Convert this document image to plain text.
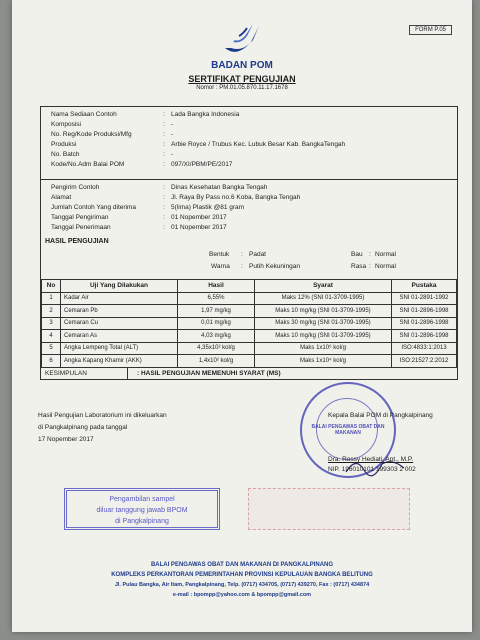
FORM P.05
BADAN POM
SERTIFIKAT PENGUJIAN
Nomor : PM.01.05.870.11.17.1678
Nama Sediaan Contoh	: Lada Bangka Indonesia
Komposisi	: -
No. Reg/Kode Produksi/Mfg	: -
Produksi	: Arbie Royce / Trubus Kec. Lubuk Besar Kab. BangkaTengah
No. Batch	: -
Kode/No.Adm Balai POM	: 097/XI/PBM/PE/2017
Pengirim Contoh	: Dinas Kesehatan Bangka Tengah
Alamat	: Jl. Raya By Pass no.6 Koba, Bangka Tengah
Jumlah Contoh Yang diterima	: 5(lima) Plastik @81 gram
Tanggal Pengiriman	: 01 Nopember 2017
Tanggal Penerimaan	: 01 Nopember 2017
HASIL PENGUJIAN
Bentuk : Padat	Bau : Normal
Warna : Putih Kekuningan	Rasa : Normal
No	Uji Yang Dilakukan	Hasil	Syarat	Pustaka
1	Kadar Air	6,55%	Maks 12% (SNI 01-3709-1995)	SNI 01-2891-1992
2	Cemaran Pb	1,97 mg/kg	Maks 10 mg/kg (SNI 01-3709-1995)	SNI 01-2896-1998
3	Cemaran Cu	0,01 mg/kg	Maks 30 mg/kg (SNI 01-3709-1995)	SNI 01-2896-1998
4	Cemaran As	4,03 mg/kg	Maks 10 mg/kg (SNI 01-3709-1995)	SNI 01-2896-1998
5	Angka Lempeng Total (ALT)	4,35x10² kol/g	Maks 1x10⁶ kol/g	ISO:4833:1:2013
6	Angka Kapang Khamir (AKK)	1,4x10² kol/g	Maks 1x10⁴ kol/g	ISO:21527:2:2012
KESIMPULAN	: HASIL PENGUJIAN MEMENUHI SYARAT (MS)
Hasil Pengujian Laboratorium ini dikeluarkan
di Pangkalpinang pada tanggal
17 Nopember 2017
BALAI PENGAWAS OBAT DAN MAKANAN
Kepala Balai POM di Pangkalpinang
Dra. Rossy Hediati, Apt., M.P.
NIP. 196010101 199303 2 002
Pengambilan sampel
diluar tanggung jawab BPOM
di Pangkalpinang
BALAI PENGAWAS OBAT DAN MAKANAN DI PANGKALPINANG
KOMPLEKS PERKANTORAN PEMERINTAHAN PROVINSI KEPULAUAN BANGKA BELITUNG
Jl. Pulau Bangka, Air Itam, Pangkalpinang, Telp. (0717) 434705, (0717) 439270, Fax : (0717) 434874
e-mail : bpompp@yahoo.com & bpompp@gmail.com
